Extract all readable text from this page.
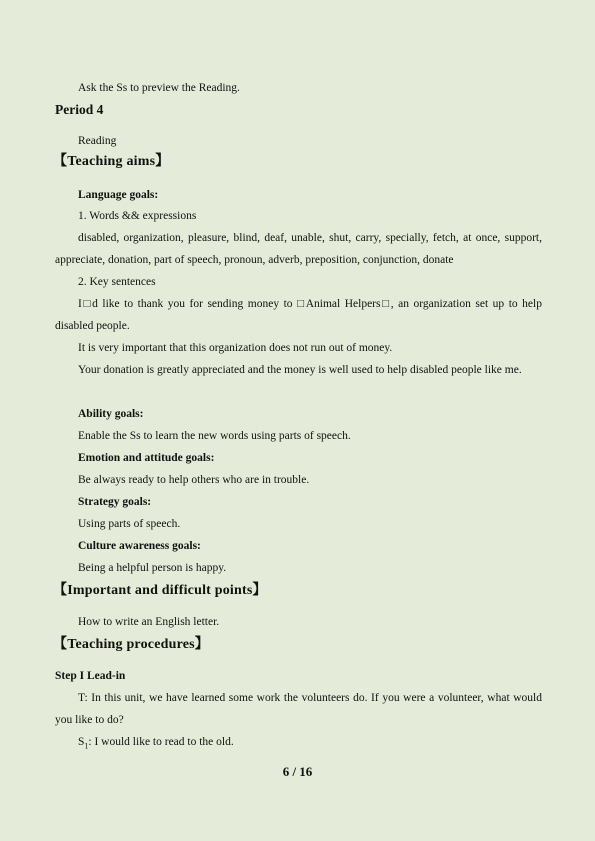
Ask the Ss to preview the Reading.

Period 4

Reading

【Teaching aims】

Language goals:

1. Words && expressions

disabled, organization, pleasure, blind, deaf, unable, shut, carry, specially, fetch, at once, support, appreciate, donation, part of speech, pronoun, adverb, preposition, conjunction, donate

2. Key sentences

I□d like to thank you for sending money to □Animal Helpers□, an organization set up to help disabled people.

It is very important that this organization does not run out of money.

Your donation is greatly appreciated and the money is well used to help disabled people like me.

Ability goals:

Enable the Ss to learn the new words using parts of speech.

Emotion and attitude goals:

Be always ready to help others who are in trouble.

Strategy goals:

Using parts of speech.

Culture awareness goals:

Being a helpful person is happy.

【Important and difficult points】

How to write an English letter.

【Teaching procedures】

Step I Lead-in

T: In this unit, we have learned some work the volunteers do. If you were a volunteer, what would you like to do?

$S_1$: I would like to read to the old.

6 / 16
